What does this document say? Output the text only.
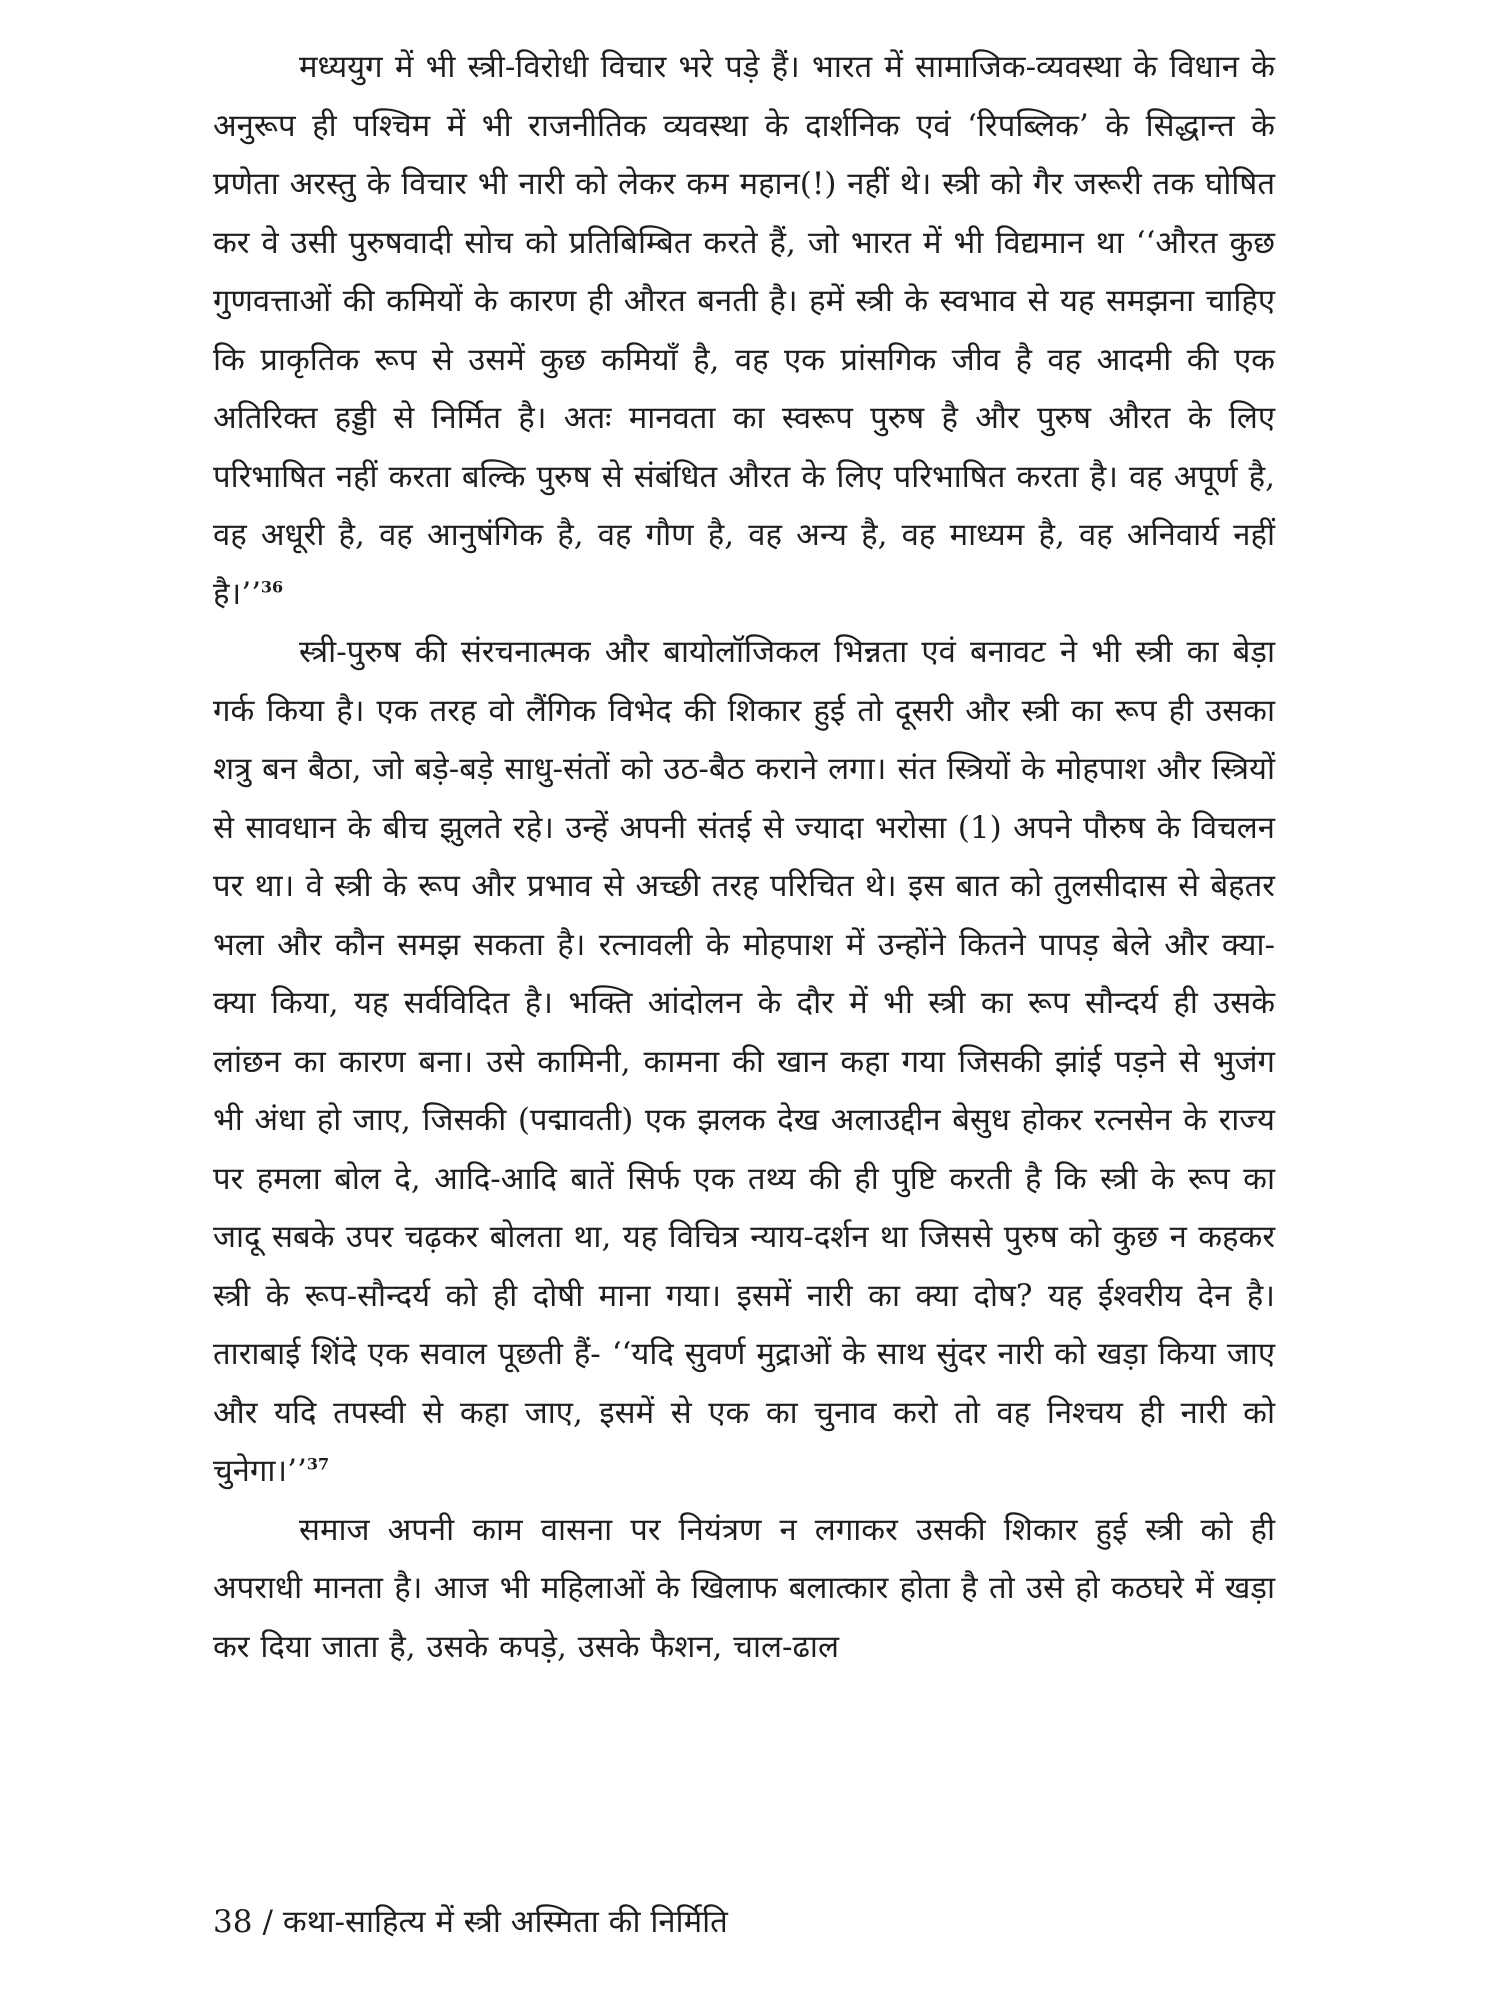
मध्ययुग में भी स्त्री-विरोधी विचार भरे पड़े हैं। भारत में सामाजिक-व्यवस्था के विधान के अनुरूप ही पश्चिम में भी राजनीतिक व्यवस्था के दार्शनिक एवं ‘रिपब्लिक’ के सिद्धान्त के प्रणेता अरस्तु के विचार भी नारी को लेकर कम महान(!) नहीं थे। स्त्री को गैर जरूरी तक घोषित कर वे उसी पुरुषवादी सोच को प्रतिबिम्बित करते हैं, जो भारत में भी विद्यमान था ‘‘औरत कुछ गुणवत्ताओं की कमियों के कारण ही औरत बनती है। हमें स्त्री के स्वभाव से यह समझना चाहिए कि प्राकृतिक रूप से उसमें कुछ कमियाँ है, वह एक प्रांसगिक जीव है वह आदमी की एक अतिरिक्त हड्डी से निर्मित है। अतः मानवता का स्वरूप पुरुष है और पुरुष औरत के लिए परिभाषित नहीं करता बल्कि पुरुष से संबंधित औरत के लिए परिभाषित करता है। वह अपूर्ण है, वह अधूरी है, वह आनुषंगिक है, वह गौण है, वह अन्य है, वह माध्यम है, वह अनिवार्य नहीं है।’’$^{36}$

स्त्री-पुरुष की संरचनात्मक और बायोलॉजिकल भिन्नता एवं बनावट ने भी स्त्री का बेड़ा गर्क किया है। एक तरह वो लैंगिक विभेद की शिकार हुई तो दूसरी और स्त्री का रूप ही उसका शत्रु बन बैठा, जो बड़े-बड़े साधु-संतों को उठ-बैठ कराने लगा। संत स्त्रियों के मोहपाश और स्त्रियों से सावधान के बीच झुलते रहे। उन्हें अपनी संतई से ज्यादा भरोसा (1) अपने पौरुष के विचलन पर था। वे स्त्री के रूप और प्रभाव से अच्छी तरह परिचित थे। इस बात को तुलसीदास से बेहतर भला और कौन समझ सकता है। रत्नावली के मोहपाश में उन्होंने कितने पापड़ बेले और क्या-क्या किया, यह सर्वविदित है। भक्ति आंदोलन के दौर में भी स्त्री का रूप सौन्दर्य ही उसके लांछन का कारण बना। उसे कामिनी, कामना की खान कहा गया जिसकी झांई पड़ने से भुजंग भी अंधा हो जाए, जिसकी (पद्मावती) एक झलक देख अलाउद्दीन बेसुध होकर रत्नसेन के राज्य पर हमला बोल दे, आदि-आदि बातें सिर्फ एक तथ्य की ही पुष्टि करती है कि स्त्री के रूप का जादू सबके उपर चढ़कर बोलता था, यह विचित्र न्याय-दर्शन था जिससे पुरुष को कुछ न कहकर स्त्री के रूप-सौन्दर्य को ही दोषी माना गया। इसमें नारी का क्या दोष? यह ईश्वरीय देन है। ताराबाई शिंदे एक सवाल पूछती हैं- ‘‘यदि सुवर्ण मुद्राओं के साथ सुंदर नारी को खड़ा किया जाए और यदि तपस्वी से कहा जाए, इसमें से एक का चुनाव करो तो वह निश्चय ही नारी को चुनेगा।’’$^{37}$

समाज अपनी काम वासना पर नियंत्रण न लगाकर उसकी शिकार हुई स्त्री को ही अपराधी मानता है। आज भी महिलाओं के खिलाफ बलात्कार होता है तो उसे हो कठघरे में खड़ा कर दिया जाता है, उसके कपड़े, उसके फैशन, चाल-ढाल

38 / कथा-साहित्य में स्त्री अस्मिता की निर्मिति
